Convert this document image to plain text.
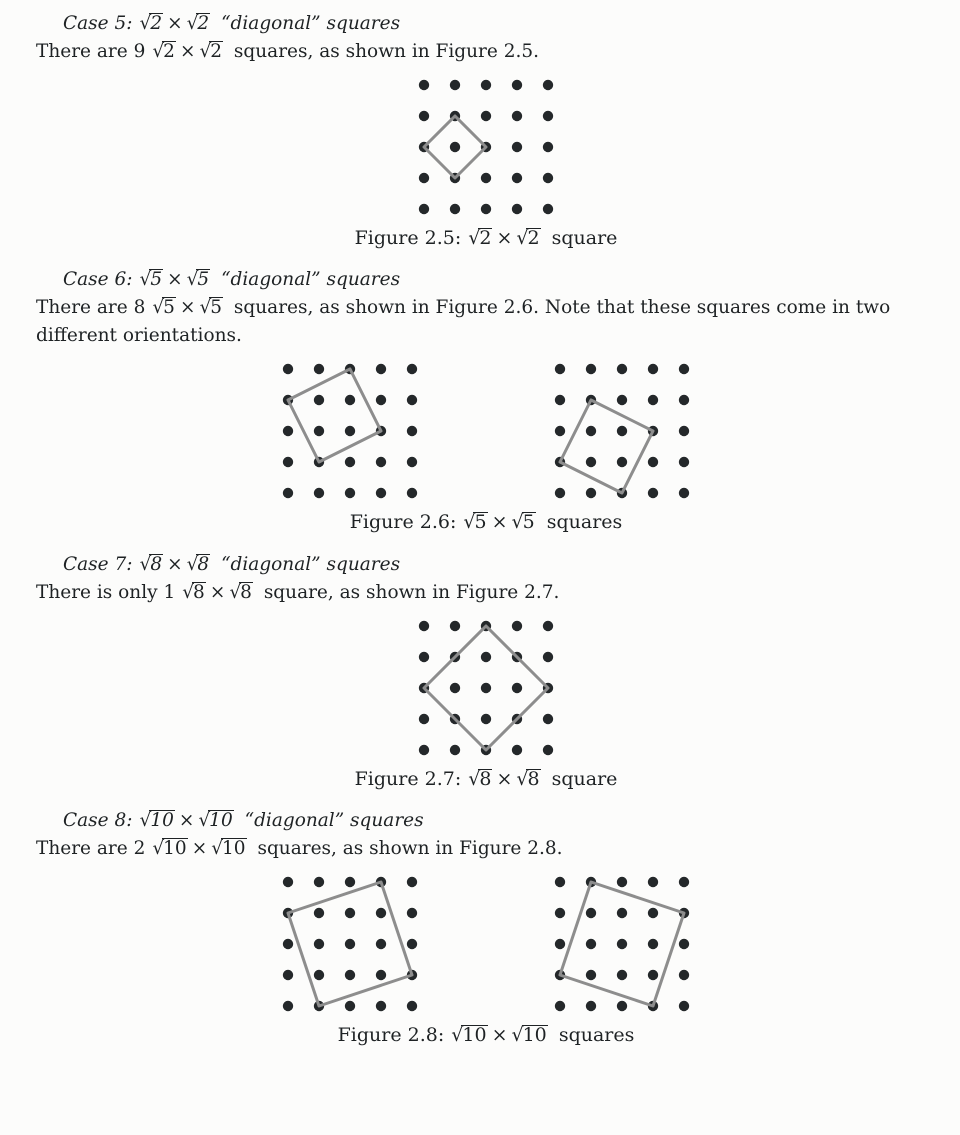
Case 5: √2 × √2 “diagonal” squares

There are 9 √2 × √2 squares, as shown in Figure 2.5.

Figure 2.5: √2 × √2 square
Case 6: √5 × √5 “diagonal” squares

There are 8 √5 × √5 squares, as shown in Figure 2.6. Note that these squares come in two different orientations.

Figure 2.6: √5 × √5 squares
Case 7: √8 × √8 “diagonal” squares

There is only 1 √8 × √8 square, as shown in Figure 2.7.

Figure 2.7: √8 × √8 square
Case 8: √10 × √10 “diagonal” squares

There are 2 √10 × √10 squares, as shown in Figure 2.8.

Figure 2.8: √10 × √10 squares
